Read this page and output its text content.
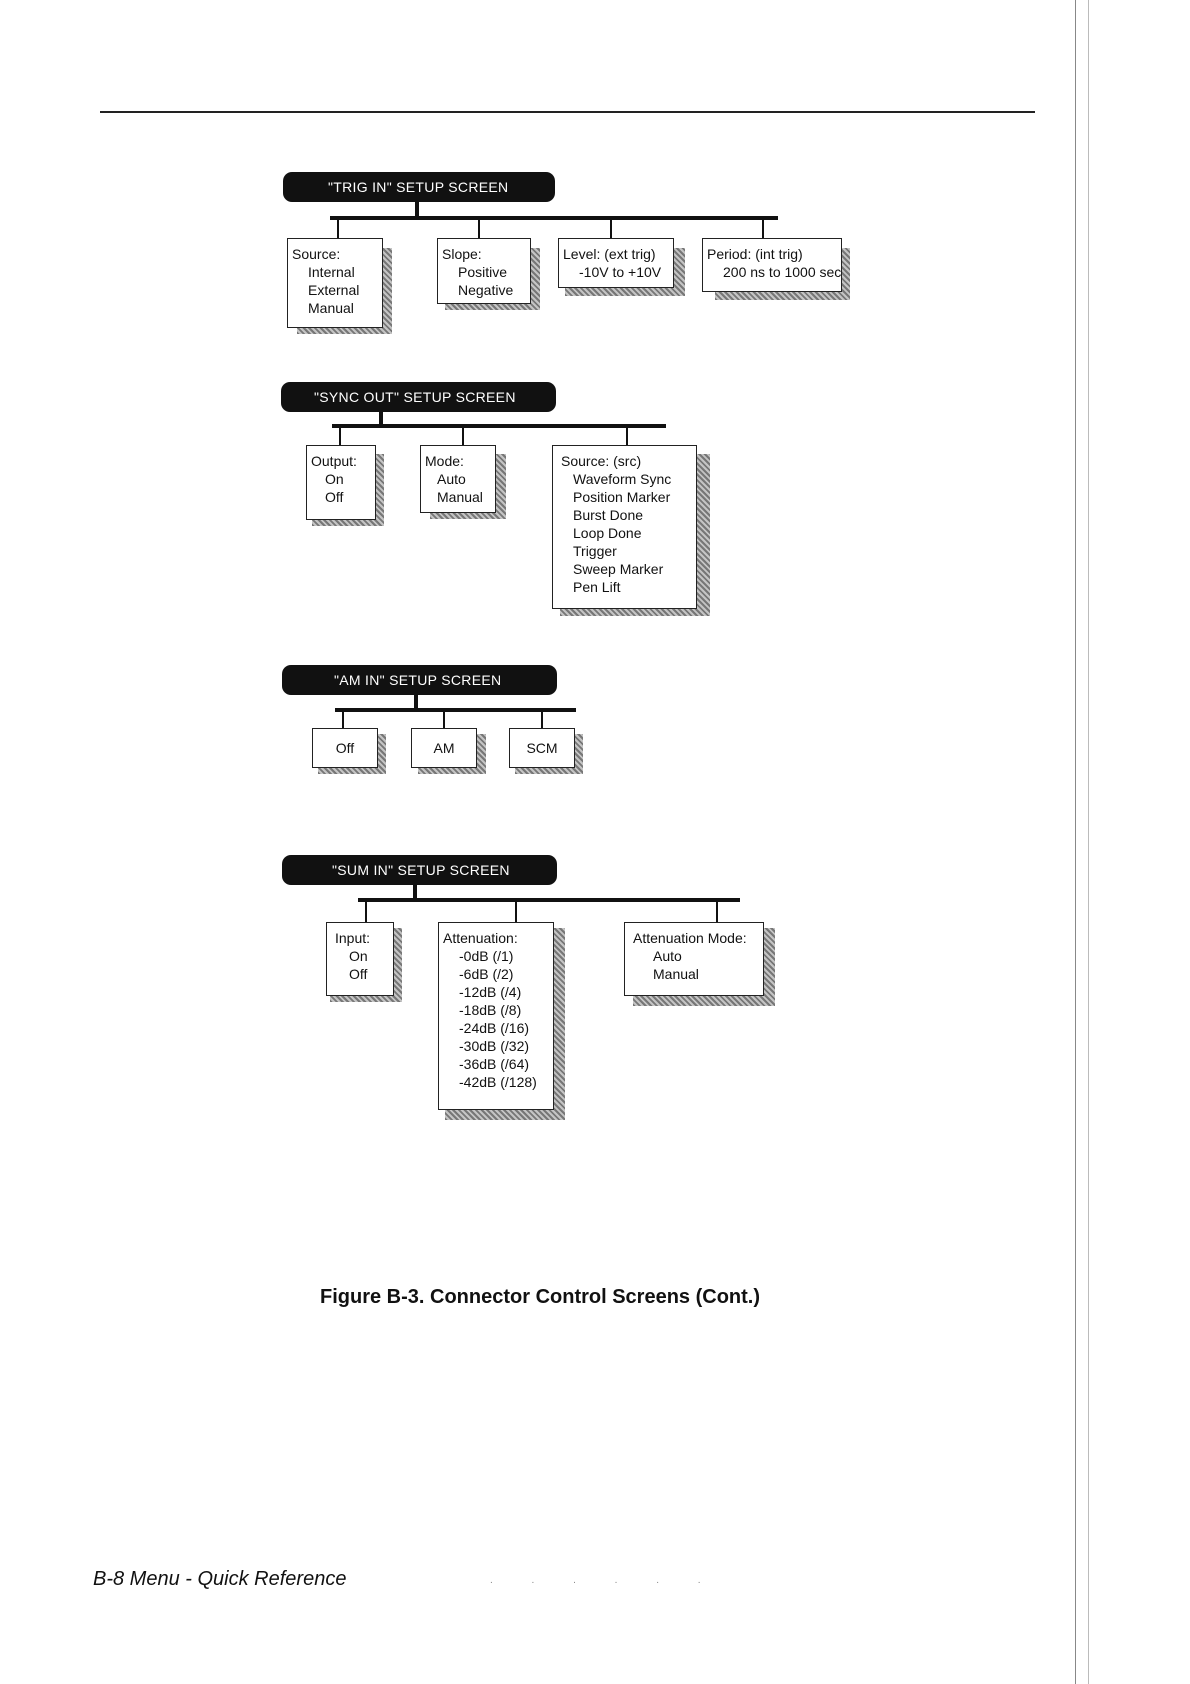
"TRIG IN" SETUP SCREEN
Source:
Internal
External
Manual
Slope:
Positive
Negative
Level: (ext trig)
-10V to +10V
Period: (int trig)
200 ns to 1000 sec
"SYNC OUT" SETUP SCREEN
Output:
On
Off
Mode:
Auto
Manual
Source: (src)
Waveform Sync
Position Marker
Burst Done
Loop Done
Trigger
Sweep Marker
Pen Lift
"AM IN" SETUP SCREEN
Off	AM	SCM
"SUM IN" SETUP SCREEN
Input:
On
Off
Attenuation:
-0dB (/1)
-6dB (/2)
-12dB (/4)
-18dB (/8)
-24dB (/16)
-30dB (/32)
-36dB (/64)
-42dB (/128)
Attenuation Mode:
Auto
Manual
Figure B-3. Connector Control Screens (Cont.)
B-8 Menu - Quick Reference	. . . . . .
